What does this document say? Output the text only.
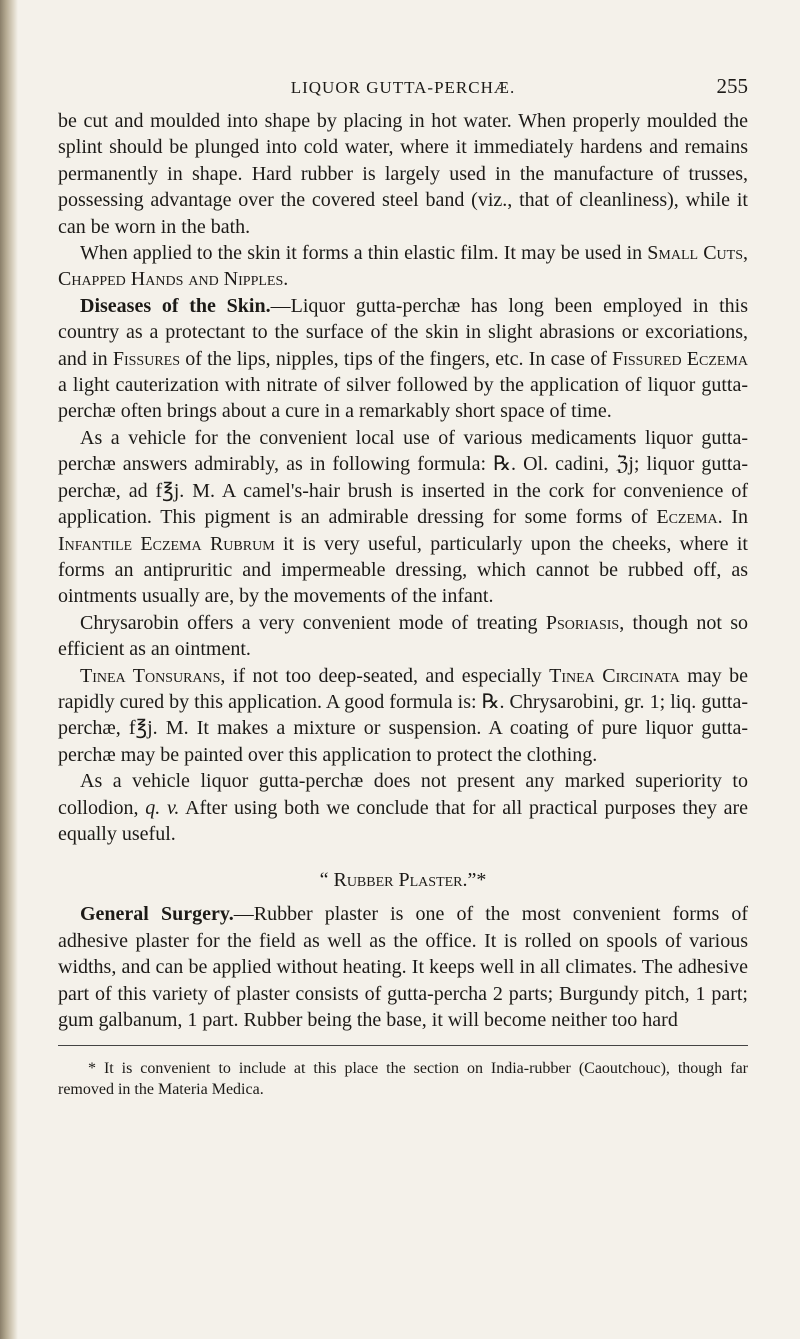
LIQUOR GUTTA-PERCHÆ.	255

be cut and moulded into shape by placing in hot water. When properly moulded the splint should be plunged into cold water, where it immediately hardens and remains permanently in shape. Hard rubber is largely used in the manufacture of trusses, possessing advantage over the covered steel band (viz., that of cleanliness), while it can be worn in the bath.

When applied to the skin it forms a thin elastic film. It may be used in Small Cuts, Chapped Hands and Nipples.

Diseases of the Skin.—Liquor gutta-perchæ has long been employed in this country as a protectant to the surface of the skin in slight abrasions or excoriations, and in Fissures of the lips, nipples, tips of the fingers, etc. In case of Fissured Eczema a light cauterization with nitrate of silver followed by the application of liquor gutta-perchæ often brings about a cure in a remarkably short space of time.

As a vehicle for the convenient local use of various medicaments liquor gutta-perchæ answers admirably, as in following formula: ℞. Ol. cadini, ℨj; liquor gutta-perchæ, ad f℥j. M. A camel's-hair brush is inserted in the cork for convenience of application. This pigment is an admirable dressing for some forms of Eczema. In Infantile Eczema Rubrum it is very useful, particularly upon the cheeks, where it forms an antipruritic and impermeable dressing, which cannot be rubbed off, as ointments usually are, by the movements of the infant.

Chrysarobin offers a very convenient mode of treating Psoriasis, though not so efficient as an ointment.

Tinea Tonsurans, if not too deep-seated, and especially Tinea Circinata may be rapidly cured by this application. A good formula is: ℞. Chrysarobini, gr. 1; liq. gutta-perchæ, f℥j. M. It makes a mixture or suspension. A coating of pure liquor gutta-perchæ may be painted over this application to protect the clothing.

As a vehicle liquor gutta-perchæ does not present any marked superiority to collodion, q. v. After using both we conclude that for all practical purposes they are equally useful.

“ Rubber Plaster.”*

General Surgery.—Rubber plaster is one of the most convenient forms of adhesive plaster for the field as well as the office. It is rolled on spools of various widths, and can be applied without heating. It keeps well in all climates. The adhesive part of this variety of plaster consists of gutta-percha 2 parts; Burgundy pitch, 1 part; gum galbanum, 1 part. Rubber being the base, it will become neither too hard

* It is convenient to include at this place the section on India-rubber (Caoutchouc), though far removed in the Materia Medica.
